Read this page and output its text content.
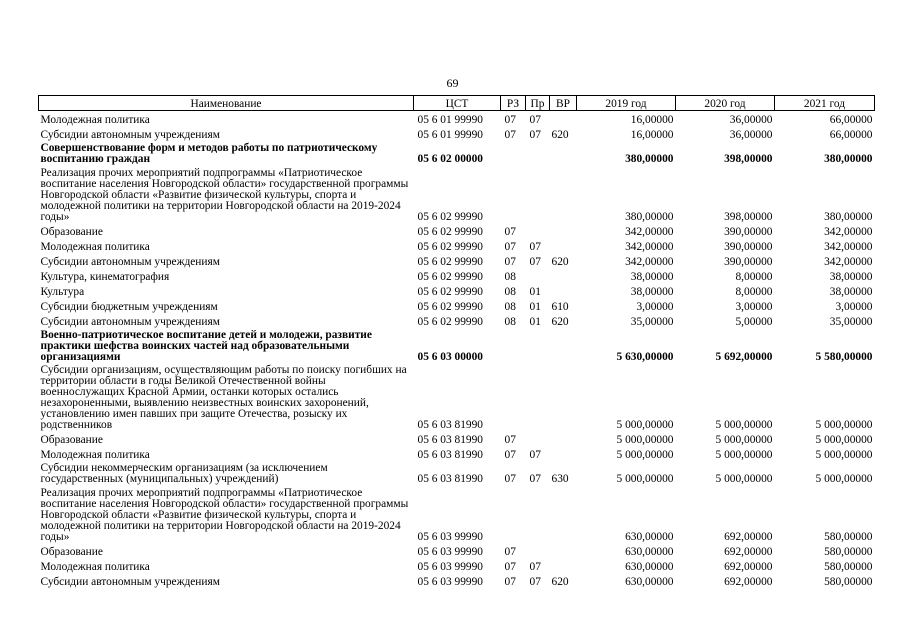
69
Наименование	ЦСТ	РЗ	Пр	ВР	2019 год	2020 год	2021 год
Молодежная политика	05 6 01 99990	07	07		16,00000	36,00000	66,00000
Субсидии автономным учреждениям	05 6 01 99990	07	07	620	16,00000	36,00000	66,00000
Совершенствование форм и методов работы по патриотическому воспитанию граждан	05 6 02 00000				380,00000	398,00000	380,00000
Реализация прочих мероприятий подпрограммы «Патриотическое воспитание населения Новгородской области» государственной программы Новгородской области «Развитие физической культуры, спорта и молодежной политики на территории Новгородской области на 2019-2024 годы»	05 6 02 99990				380,00000	398,00000	380,00000
Образование	05 6 02 99990	07			342,00000	390,00000	342,00000
Молодежная политика	05 6 02 99990	07	07		342,00000	390,00000	342,00000
Субсидии автономным учреждениям	05 6 02 99990	07	07	620	342,00000	390,00000	342,00000
Культура, кинематография	05 6 02 99990	08			38,00000	8,00000	38,00000
Культура	05 6 02 99990	08	01		38,00000	8,00000	38,00000
Субсидии бюджетным учреждениям	05 6 02 99990	08	01	610	3,00000	3,00000	3,00000
Субсидии автономным учреждениям	05 6 02 99990	08	01	620	35,00000	5,00000	35,00000
Военно-патриотическое воспитание детей и молодежи, развитие практики шефства воинских частей над образовательными организациями	05 6 03 00000				5 630,00000	5 692,00000	5 580,00000
Субсидии организациям, осуществляющим работы по поиску погибших на территории области в годы Великой Отечественной войны военнослужащих Красной Армии, останки которых остались незахороненными, выявлению неизвестных воинских захоронений, установлению имен павших при защите Отечества, розыску их родственников	05 6 03 81990				5 000,00000	5 000,00000	5 000,00000
Образование	05 6 03 81990	07			5 000,00000	5 000,00000	5 000,00000
Молодежная политика	05 6 03 81990	07	07		5 000,00000	5 000,00000	5 000,00000
Субсидии некоммерческим организациям (за исключением государственных (муниципальных) учреждений)	05 6 03 81990	07	07	630	5 000,00000	5 000,00000	5 000,00000
Реализация прочих мероприятий подпрограммы «Патриотическое воспитание населения Новгородской области» государственной программы Новгородской области «Развитие физической культуры, спорта и молодежной политики на территории Новгородской области на 2019-2024 годы»	05 6 03 99990				630,00000	692,00000	580,00000
Образование	05 6 03 99990	07			630,00000	692,00000	580,00000
Молодежная политика	05 6 03 99990	07	07		630,00000	692,00000	580,00000
Субсидии автономным учреждениям	05 6 03 99990	07	07	620	630,00000	692,00000	580,00000
